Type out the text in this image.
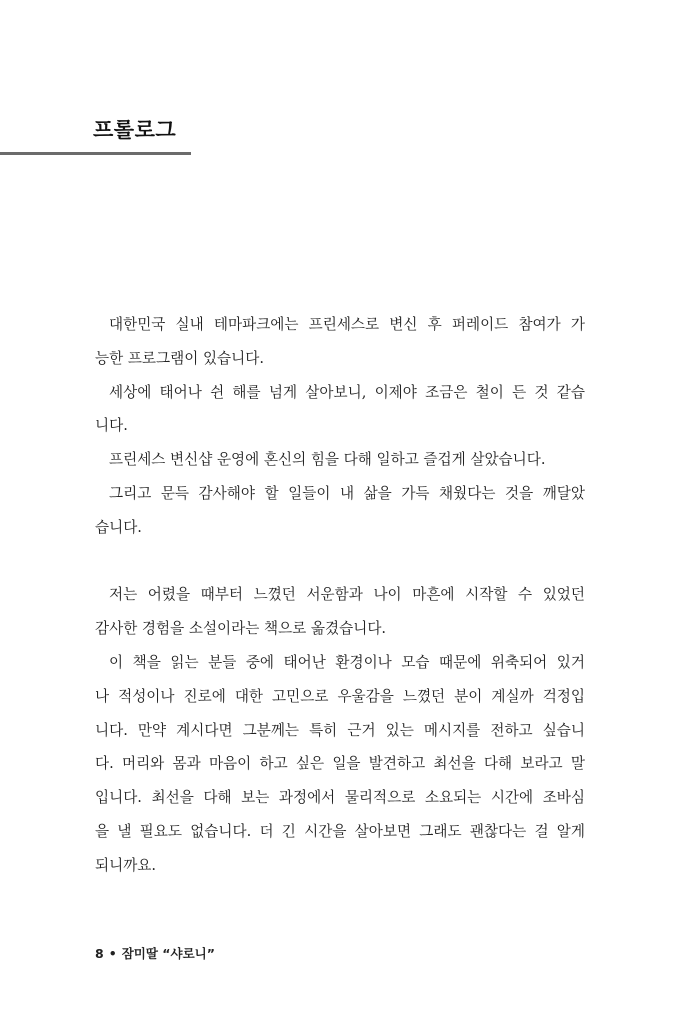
프롤로그
대한민국 실내 테마파크에는 프린세스로 변신 후 퍼레이드 참여가 가
능한 프로그램이 있습니다.
세상에 태어나 쉰 해를 넘게 살아보니, 이제야 조금은 철이 든 것 같습
니다.
프린세스 변신샵 운영에 혼신의 힘을 다해 일하고 즐겁게 살았습니다.
그리고 문득 감사해야 할 일들이 내 삶을 가득 채웠다는 것을 깨달았
습니다.
저는 어렸을 때부터 느꼈던 서운함과 나이 마흔에 시작할 수 있었던
감사한 경험을 소설이라는 책으로 옮겼습니다.
이 책을 읽는 분들 중에 태어난 환경이나 모습 때문에 위축되어 있거
나 적성이나 진로에 대한 고민으로 우울감을 느꼈던 분이 계실까 걱정입
니다. 만약 계시다면 그분께는 특히 근거 있는 메시지를 전하고 싶습니
다. 머리와 몸과 마음이 하고 싶은 일을 발견하고 최선을 다해 보라고 말
입니다. 최선을 다해 보는 과정에서 물리적으로 소요되는 시간에 조바심
을 낼 필요도 없습니다. 더 긴 시간을 살아보면 그래도 괜찮다는 걸 알게
되니까요.
8 • 잠미딸 “샤로니”
